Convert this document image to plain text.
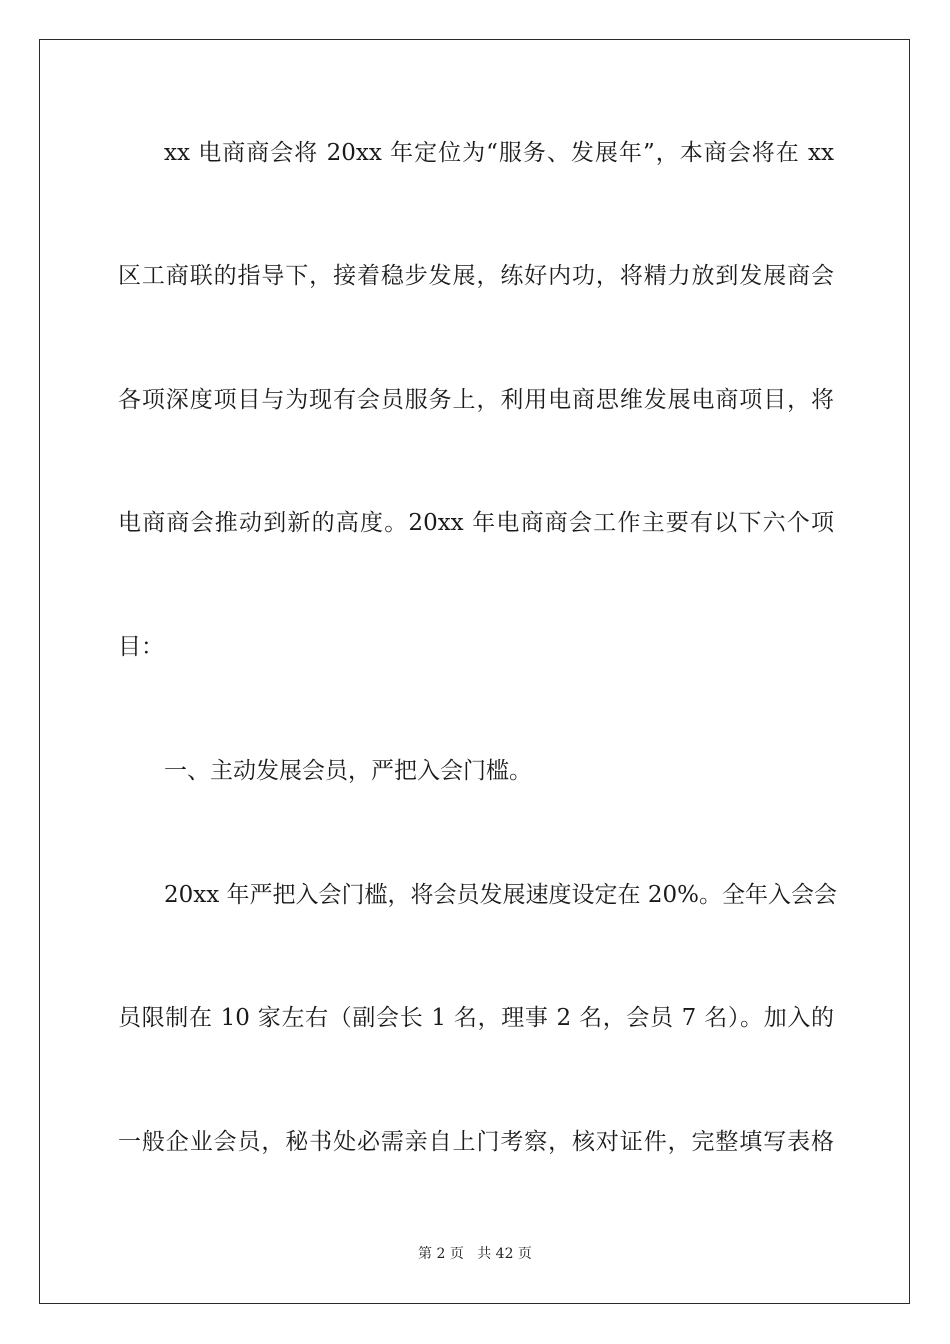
xx 电商商会将 20xx 年定位为“服务、发展年”，本商会将在 xx
区工商联的指导下，接着稳步发展，练好内功，将精力放到发展商会
各项深度项目与为现有会员服务上，利用电商思维发展电商项目，将
电商商会推动到新的高度。20xx 年电商商会工作主要有以下六个项
目：
一、主动发展会员，严把入会门槛。
20xx 年严把入会门槛，将会员发展速度设定在 20%。全年入会会
员限制在 10 家左右（副会长 1 名，理事 2 名，会员 7 名）。加入的
一般企业会员，秘书处必需亲自上门考察，核对证件，完整填写表格
第 2 页 共 42 页
